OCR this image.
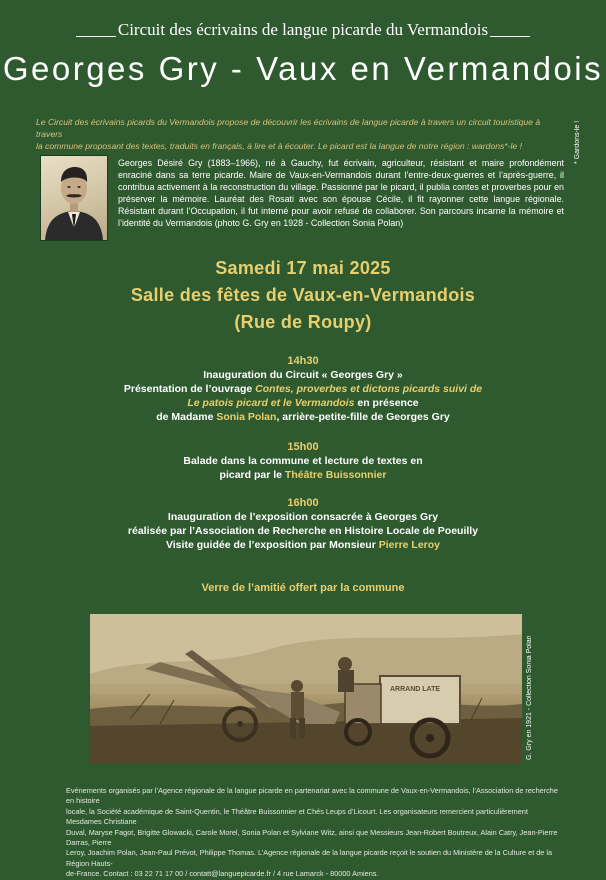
Circuit des écrivains de langue picarde du Vermandois
Georges Gry - Vaux en Vermandois
Le Circuit des écrivains picards du Vermandois propose de découvrir les écrivains de langue picarde à travers un circuit touristique à travers
la commune proposant des textes, traduits en français, à lire et à écouter. Le picard est la langue de notre région : wardons*-le !	* Gardons-le !
Georges Désiré Gry (1883–1966), né à Gauchy, fut écrivain, agriculteur, résistant et maire profondément enraciné dans sa terre picarde. Maire de Vaux-en-Vermandois durant l’entre-deux-guerres et l’après-guerre, il contribua activement à la reconstruction du village. Passionné par le picard, il publia contes et proverbes pour en préserver la mémoire. Lauréat des Rosati avec son épouse Cécile, il fit rayonner cette langue régionale. Résistant durant l’Occupation, il fut interné pour avoir refusé de collaborer. Son parcours incarne la mémoire et l’identité du Vermandois (photo G. Gry en 1928 - Collection Sonia Polan)
Samedi 17 mai 2025
Salle des fêtes de Vaux-en-Vermandois
(Rue de Roupy)
14h30
Inauguration du Circuit « Georges Gry »
Présentation de l’ouvrage Contes, proverbes et dictons picards suivi de
Le patois picard et le Vermandois en présence
de Madame Sonia Polan, arrière-petite-fille de Georges Gry
15h00
Balade dans la commune et lecture de textes en
picard par le Théâtre Buissonnier
16h00
Inauguration de l’exposition consacrée à Georges Gry
réalisée par l’Association de Recherche en Histoire Locale de Poeuilly
Visite guidée de l’exposition par Monsieur Pierre Leroy
Verre de l’amitié offert par la commune
ARRAND LATE	G. Gry en 1921 - Collection Sonia Polan
Evénements organisés par l’Agence régionale de la langue picarde en partenariat avec la commune de Vaux-en-Vermandois, l’Association de recherche en histoire
locale, la Société académique de Saint-Quentin, le Théâtre Buissonnier et Chés Leups d’Licourt. Les organisateurs remercient particulièrement Mesdames Christiane
Duval, Maryse Fagot, Brigitte Glowacki, Carole Morel, Sonia Polan et Sylviane Witz, ainsi que Messieurs Jean-Robert Boutreux, Alain Catry, Jean-Pierre Darras, Pierre
Leroy, Joachim Polan, Jean-Paul Prévot, Philippe Thomas. L’Agence régionale de la langue picarde reçoit le soutien du Ministère de la Culture et de la Région Hauts-
de-France. Contact : 03 22 71 17 00 / contatt@languepicarde.fr / 4 rue Lamarck - 80000 Amiens.
